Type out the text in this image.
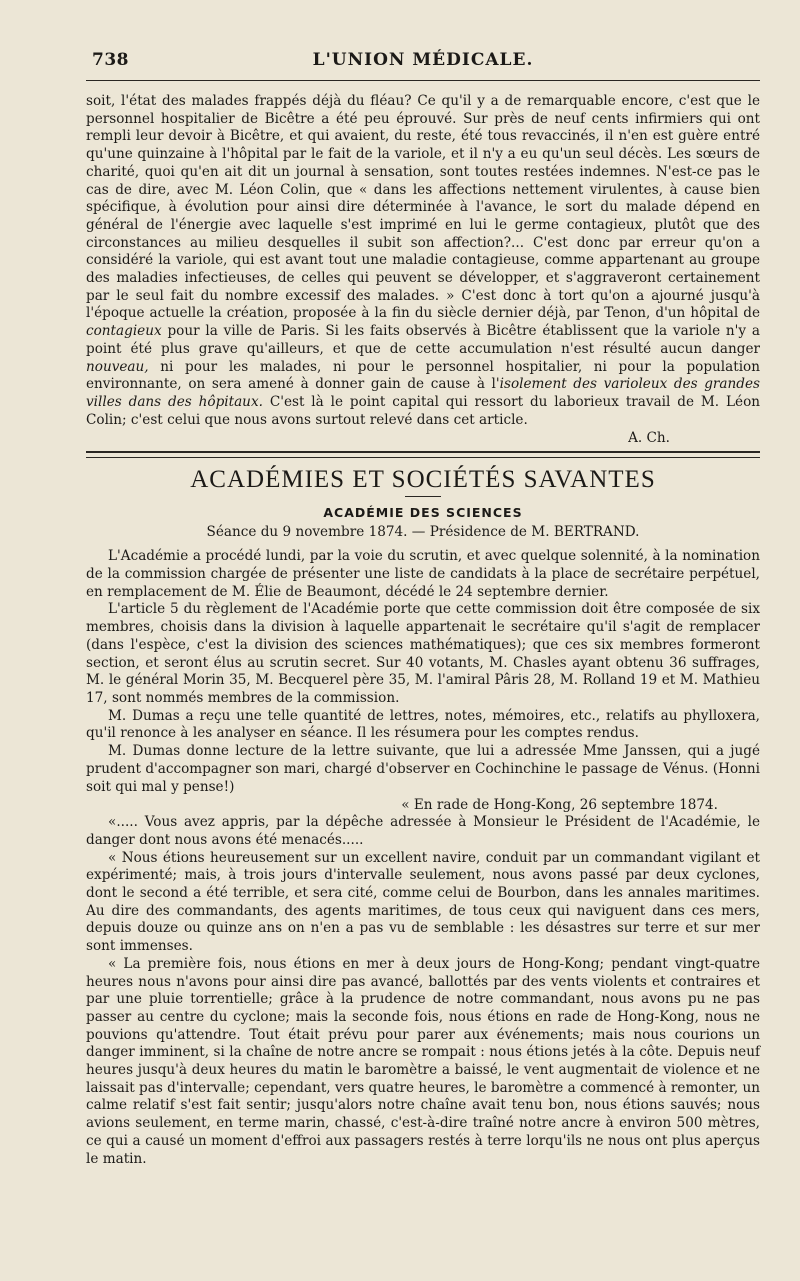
738	L'UNION MÉDICALE.

soit, l'état des malades frappés déjà du fléau? Ce qu'il y a de remarquable encore, c'est que le personnel hospitalier de Bicêtre a été peu éprouvé. Sur près de neuf cents infirmiers qui ont rempli leur devoir à Bicêtre, et qui avaient, du reste, été tous revaccinés, il n'en est guère entré qu'une quinzaine à l'hôpital par le fait de la variole, et il n'y a eu qu'un seul décès. Les sœurs de charité, quoi qu'en ait dit un journal à sensation, sont toutes restées indemnes. N'est-ce pas le cas de dire, avec M. Léon Colin, que « dans les affections nettement virulentes, à cause bien spécifique, à évolution pour ainsi dire déterminée à l'avance, le sort du malade dépend en général de l'énergie avec laquelle s'est imprimé en lui le germe contagieux, plutôt que des circonstances au milieu desquelles il subit son affection?... C'est donc par erreur qu'on a considéré la variole, qui est avant tout une maladie contagieuse, comme appartenant au groupe des maladies infectieuses, de celles qui peuvent se développer, et s'aggraveront certainement par le seul fait du nombre excessif des malades. » C'est donc à tort qu'on a ajourné jusqu'à l'époque actuelle la création, proposée à la fin du siècle dernier déjà, par Tenon, d'un hôpital de contagieux pour la ville de Paris. Si les faits observés à Bicêtre établissent que la variole n'y a point été plus grave qu'ailleurs, et que de cette accumulation n'est résulté aucun danger nouveau, ni pour les malades, ni pour le personnel hospitalier, ni pour la population environnante, on sera amené à donner gain de cause à l'isolement des varioleux des grandes villes dans des hôpitaux. C'est là le point capital qui ressort du laborieux travail de M. Léon Colin; c'est celui que nous avons surtout relevé dans cet article.

A. Ch.
ACADÉMIES ET SOCIÉTÉS SAVANTES
ACADÉMIE DES SCIENCES
Séance du 9 novembre 1874. — Présidence de M. BERTRAND.

L'Académie a procédé lundi, par la voie du scrutin, et avec quelque solennité, à la nomination de la commission chargée de présenter une liste de candidats à la place de secrétaire perpétuel, en remplacement de M. Élie de Beaumont, décédé le 24 septembre dernier.

L'article 5 du règlement de l'Académie porte que cette commission doit être composée de six membres, choisis dans la division à laquelle appartenait le secrétaire qu'il s'agit de remplacer (dans l'espèce, c'est la division des sciences mathématiques); que ces six membres formeront section, et seront élus au scrutin secret. Sur 40 votants, M. Chasles ayant obtenu 36 suffrages, M. le général Morin 35, M. Becquerel père 35, M. l'amiral Pâris 28, M. Rolland 19 et M. Mathieu 17, sont nommés membres de la commission.

M. Dumas a reçu une telle quantité de lettres, notes, mémoires, etc., relatifs au phylloxera, qu'il renonce à les analyser en séance. Il les résumera pour les comptes rendus.

M. Dumas donne lecture de la lettre suivante, que lui a adressée Mme Janssen, qui a jugé prudent d'accompagner son mari, chargé d'observer en Cochinchine le passage de Vénus. (Honni soit qui mal y pense!)

« En rade de Hong-Kong, 26 septembre 1874.

«..... Vous avez appris, par la dépêche adressée à Monsieur le Président de l'Académie, le danger dont nous avons été menacés.....

« Nous étions heureusement sur un excellent navire, conduit par un commandant vigilant et expérimenté; mais, à trois jours d'intervalle seulement, nous avons passé par deux cyclones, dont le second a été terrible, et sera cité, comme celui de Bourbon, dans les annales maritimes. Au dire des commandants, des agents maritimes, de tous ceux qui naviguent dans ces mers, depuis douze ou quinze ans on n'en a pas vu de semblable : les désastres sur terre et sur mer sont immenses.

« La première fois, nous étions en mer à deux jours de Hong-Kong; pendant vingt-quatre heures nous n'avons pour ainsi dire pas avancé, ballottés par des vents violents et contraires et par une pluie torrentielle; grâce à la prudence de notre commandant, nous avons pu ne pas passer au centre du cyclone; mais la seconde fois, nous étions en rade de Hong-Kong, nous ne pouvions qu'attendre. Tout était prévu pour parer aux événements; mais nous courions un danger imminent, si la chaîne de notre ancre se rompait : nous étions jetés à la côte. Depuis neuf heures jusqu'à deux heures du matin le baromètre a baissé, le vent augmentait de violence et ne laissait pas d'intervalle; cependant, vers quatre heures, le baromètre a commencé à remonter, un calme relatif s'est fait sentir; jusqu'alors notre chaîne avait tenu bon, nous étions sauvés; nous avions seulement, en terme marin, chassé, c'est-à-dire traîné notre ancre à environ 500 mètres, ce qui a causé un moment d'effroi aux passagers restés à terre lorqu'ils ne nous ont plus aperçus le matin.
